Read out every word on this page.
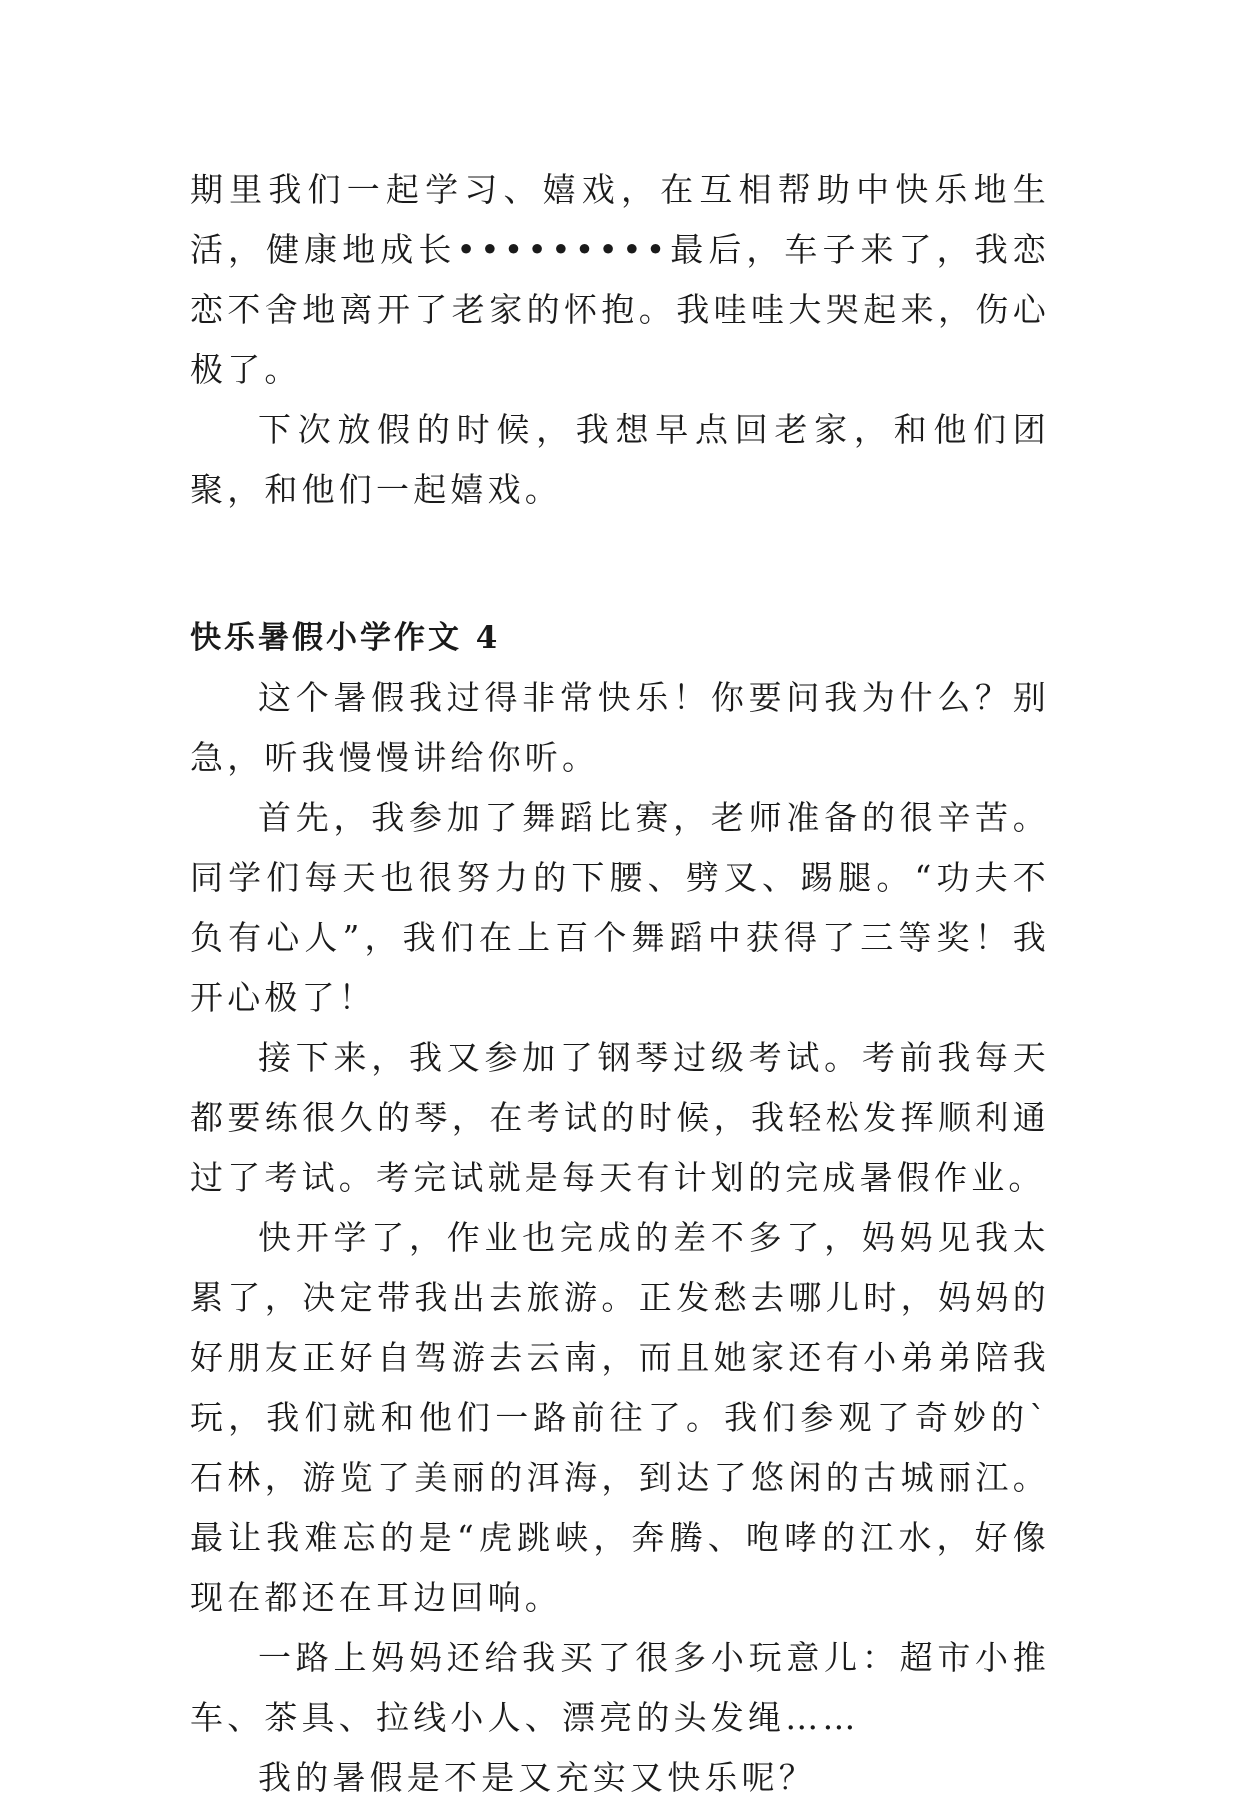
期里我们一起学习、嬉戏，在互相帮助中快乐地生活，健康地成长•••••••••最后，车子来了，我恋恋不舍地离开了老家的怀抱。我哇哇大哭起来，伤心极了。

下次放假的时候，我想早点回老家，和他们团聚，和他们一起嬉戏。

快乐暑假小学作文 4

这个暑假我过得非常快乐！你要问我为什么？别急，听我慢慢讲给你听。

首先，我参加了舞蹈比赛，老师准备的很辛苦。同学们每天也很努力的下腰、劈叉、踢腿。“功夫不负有心人”，我们在上百个舞蹈中获得了三等奖！我开心极了！

接下来，我又参加了钢琴过级考试。考前我每天都要练很久的琴，在考试的时候，我轻松发挥顺利通过了考试。考完试就是每天有计划的完成暑假作业。

快开学了，作业也完成的差不多了，妈妈见我太累了，决定带我出去旅游。正发愁去哪儿时，妈妈的好朋友正好自驾游去云南，而且她家还有小弟弟陪我玩，我们就和他们一路前往了。我们参观了奇妙的`石林，游览了美丽的洱海，到达了悠闲的古城丽江。最让我难忘的是“虎跳峡，奔腾、咆哮的江水，好像现在都还在耳边回响。

一路上妈妈还给我买了很多小玩意儿：超市小推车、茶具、拉线小人、漂亮的头发绳……

我的暑假是不是又充实又快乐呢？
